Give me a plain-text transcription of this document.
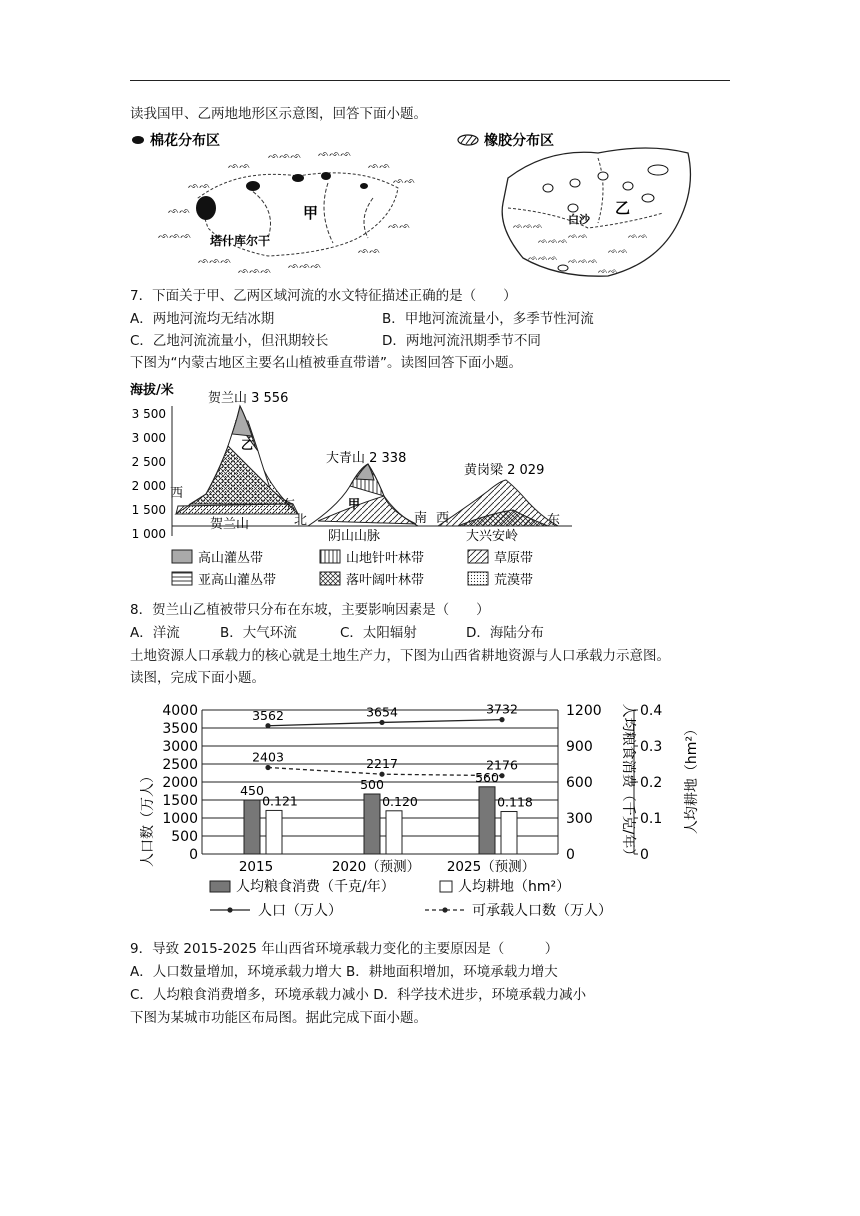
读我国甲、乙两地地形区示意图，回答下面小题。
棉花分布区	橡胶分布区
ᨒᨒ
ᨒᨒ
ᨒᨒᨒ
ᨒᨒᨒ
ᨒᨒᨒ ᨒᨒᨒ
ᨒᨒ
ᨒᨒᨒ ᨒᨒᨒ
ᨒᨒ
ᨒᨒ
ᨒᨒ
ᨒᨒ
甲
塔什库尔干
ᨒᨒᨒ
ᨒᨒᨒ
ᨒᨒ
ᨒᨒᨒ ᨒᨒᨒ
ᨒᨒ
ᨒᨒ
ᨒᨒ
白沙
乙
7．下面关于甲、乙两区域河流的水文特征描述正确的是（　　）
A．两地河流均无结冰期	B．甲地河流流量小，多季节性河流
C．乙地河流流量小，但汛期较长	D．两地河流汛期季节不同
下图为“内蒙古地区主要名山植被垂直带谱”。读图回答下面小题。
海拔/米
3 500
3 000
2 500
2 000
1 500
1 000
乙
贺兰山 3 556
西
东
贺兰山
甲
大青山 2 338
北	南
阴山山脉
黄岗梁 2 029
西	东
大兴安岭
高山灌丛带	山地针叶林带	草原带
亚高山灌丛带	落叶阔叶林带	荒漠带
8．贺兰山乙植被带只分布在东坡，主要影响因素是（　　）
A．洋流	B．大气环流	C．太阳辐射	D．海陆分布
土地资源人口承载力的核心就是土地生产力，下图为山西省耕地资源与人口承载力示意图。
读图，完成下面小题。
4000
3500
3000
2500
2000
1500
1000
500
0
1200
900
600
300
0
0.4
0.3
0.2
0.1
0
450
0.121
500
0.120
560
0.118
3562	3654	3732
2403	2217	2176
2015	2020（预测） 2025（预测）
人口数（万人）	人均粮食消费（千克/年）	人均耕地（hm²）
人均粮食消费（千克/年）	人均耕地（hm²）
人口（万人）	可承载人口数（万人）
9．导致 2015-2025 年山西省环境承载力变化的主要原因是（　　　）
A．人口数量增加，环境承载力增大 B．耕地面积增加，环境承载力增大
C．人均粮食消费增多，环境承载力减小 D．科学技术进步，环境承载力减小
下图为某城市功能区布局图。据此完成下面小题。
